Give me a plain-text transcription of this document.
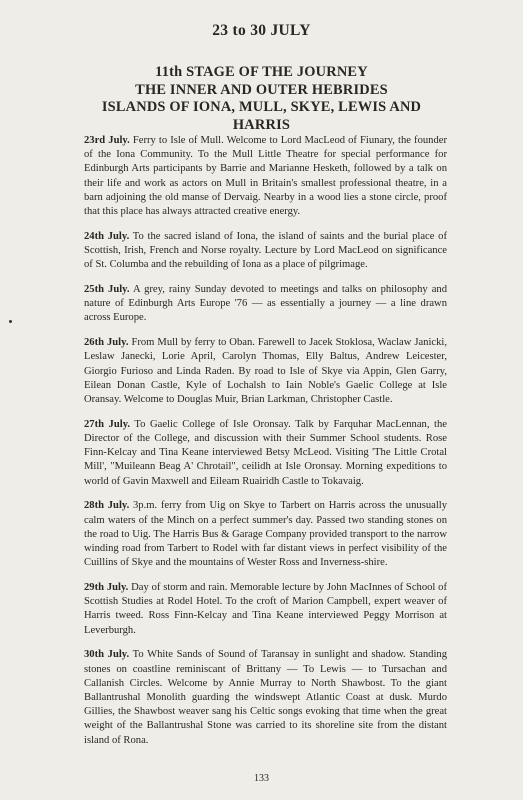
23 to 30 JULY
11th STAGE OF THE JOURNEY
THE INNER AND OUTER HEBRIDES
ISLANDS OF IONA, MULL, SKYE, LEWIS AND
HARRIS

23rd July. Ferry to Isle of Mull. Welcome to Lord MacLeod of Fiunary, the founder of the Iona Community. To the Mull Little Theatre for special performance for Edinburgh Arts participants by Barrie and Marianne Hesketh, followed by a talk on their life and work as actors on Mull in Britain's smallest professional theatre, in a barn adjoining the old manse of Dervaig. Nearby in a wood lies a stone circle, proof that this place has always attracted creative energy.

24th July. To the sacred island of Iona, the island of saints and the burial place of Scottish, Irish, French and Norse royalty. Lecture by Lord MacLeod on significance of St. Columba and the rebuilding of Iona as a place of pilgrimage.

25th July. A grey, rainy Sunday devoted to meetings and talks on philosophy and nature of Edinburgh Arts Europe '76 — as essentially a journey — a line drawn across Europe.

26th July. From Mull by ferry to Oban. Farewell to Jacek Stoklosa, Waclaw Janicki, Leslaw Janecki, Lorie April, Carolyn Thomas, Elly Baltus, Andrew Leicester, Giorgio Furioso and Linda Raden. By road to Isle of Skye via Appin, Glen Garry, Eilean Donan Castle, Kyle of Lochalsh to Iain Noble's Gaelic College at Isle Oransay. Welcome to Douglas Muir, Brian Larkman, Christopher Castle.

27th July. To Gaelic College of Isle Oronsay. Talk by Farquhar MacLennan, the Director of the College, and discussion with their Summer School students. Rose Finn-Kelcay and Tina Keane interviewed Betsy McLeod. Visiting 'The Little Crotal Mill', "Muileann Beag A' Chrotail", ceilidh at Isle Oronsay. Morning expeditions to world of Gavin Maxwell and Eileam Ruairidh Castle to Tokavaig.

28th July. 3p.m. ferry from Uig on Skye to Tarbert on Harris across the unusually calm waters of the Minch on a perfect summer's day. Passed two standing stones on the road to Uig. The Harris Bus & Garage Company provided transport to the narrow winding road from Tarbert to Rodel with far distant views in perfect visibility of the Cuillins of Skye and the mountains of Wester Ross and Inverness-shire.

29th July. Day of storm and rain. Memorable lecture by John MacInnes of School of Scottish Studies at Rodel Hotel. To the croft of Marion Campbell, expert weaver of Harris tweed. Ross Finn-Kelcay and Tina Keane interviewed Peggy Morrison at Leverburgh.

30th July. To White Sands of Sound of Taransay in sunlight and shadow. Standing stones on coastline reminiscant of Brittany — To Lewis — to Tursachan and Callanish Circles. Welcome by Annie Murray to North Shawbost. To the giant Ballantrushal Monolith guarding the windswept Atlantic Coast at dusk. Murdo Gillies, the Shawbost weaver sang his Celtic songs evoking that time when the great weight of the Ballantrushal Stone was carried to its shoreline site from the distant island of Rona.

133
